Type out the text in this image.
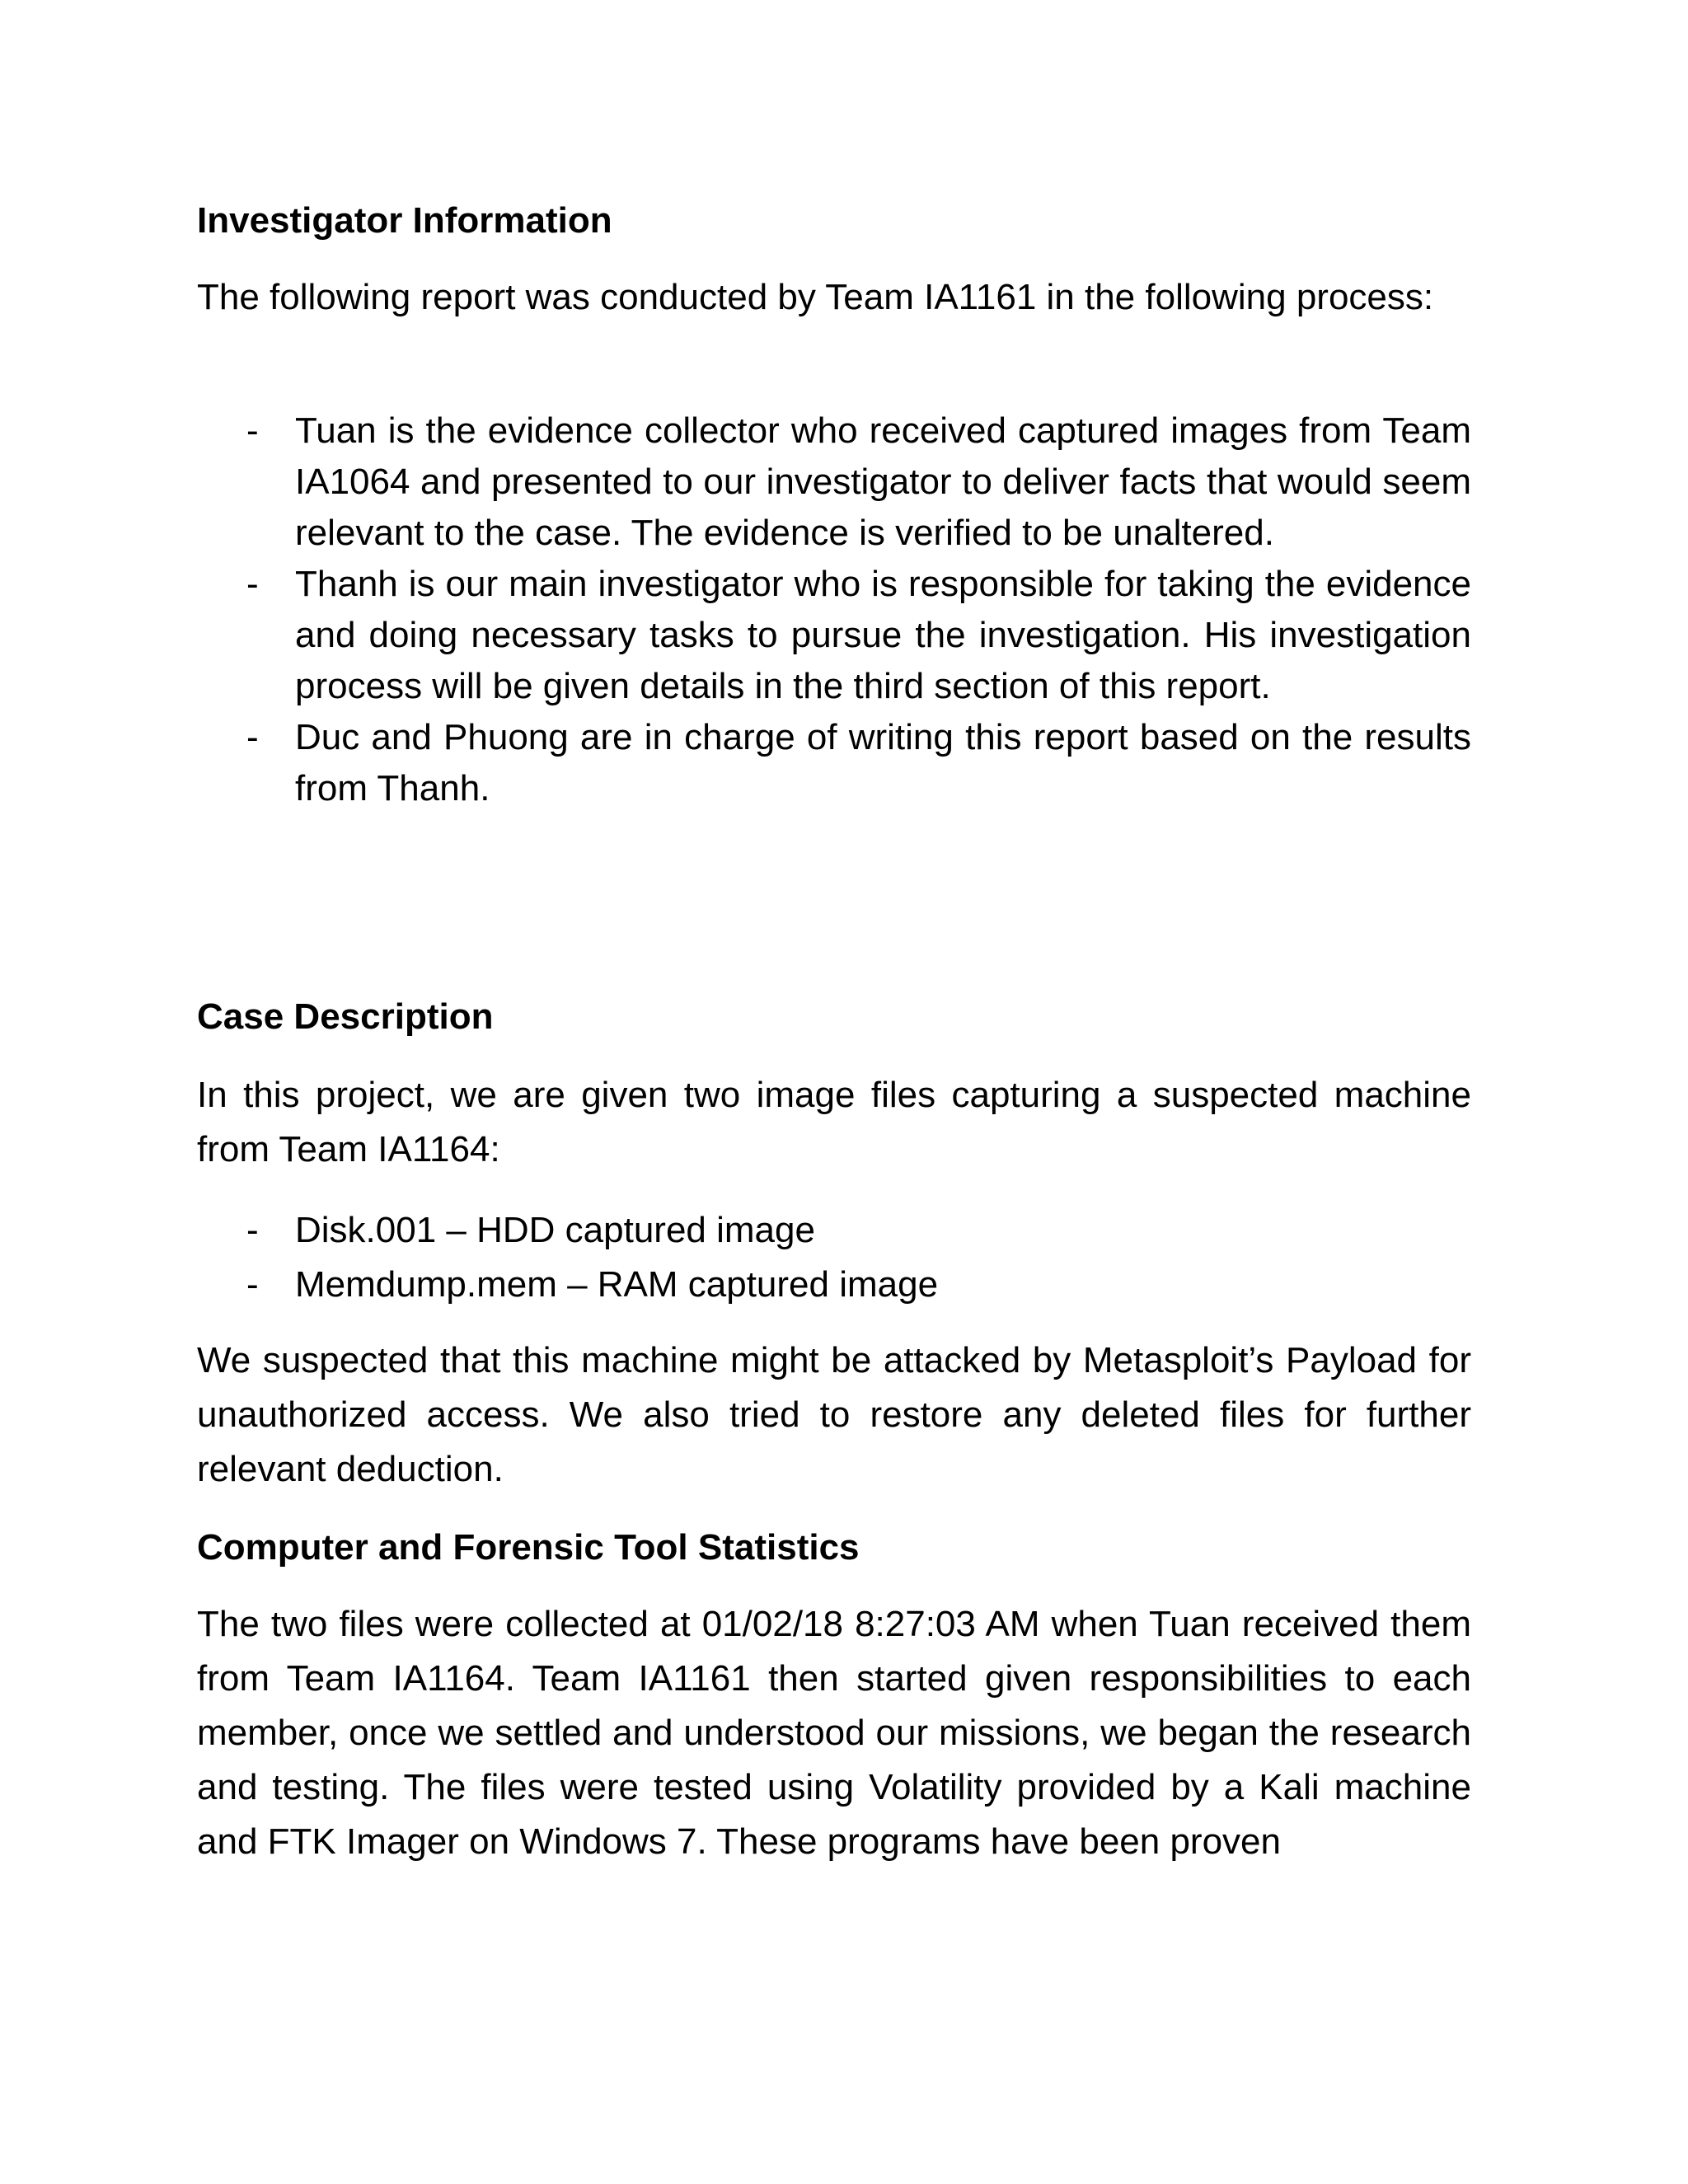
Investigator Information

The following report was conducted by Team IA1161 in the following process:

- Tuan is the evidence collector who received captured images from Team IA1064 and presented to our investigator to deliver facts that would seem relevant to the case. The evidence is verified to be unaltered.
- Thanh is our main investigator who is responsible for taking the evidence and doing necessary tasks to pursue the investigation. His investigation process will be given details in the third section of this report.
- Duc and Phuong are in charge of writing this report based on the results from Thanh.
Case Description

In this project, we are given two image files capturing a suspected machine from Team IA1164:

- Disk.001 – HDD captured image
- Memdump.mem – RAM captured image

We suspected that this machine might be attacked by Metasploit’s Payload for unauthorized access. We also tried to restore any deleted files for further relevant deduction.

Computer and Forensic Tool Statistics

The two files were collected at 01/02/18 8:27:03 AM when Tuan received them from Team IA1164. Team IA1161 then started given responsibilities to each member, once we settled and understood our missions, we began the research and testing. The files were tested using Volatility provided by a Kali machine and FTK Imager on Windows 7. These programs have been proven
